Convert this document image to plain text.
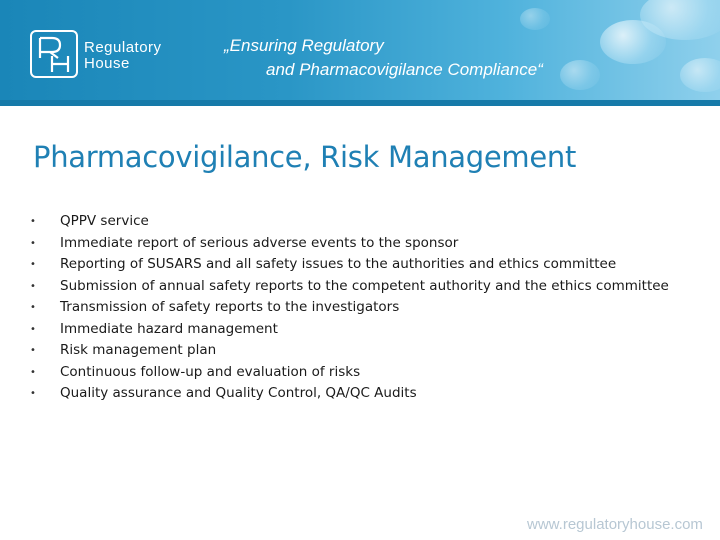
Regulatory
House
„Ensuring Regulatory
and Pharmacovigilance Compliance“
Pharmacovigilance, Risk Management
• QPPV service
• Immediate report of serious adverse events to the sponsor
• Reporting of SUSARS and all safety issues to the authorities and ethics committee
• Submission of annual safety reports to the competent authority and the ethics committee
• Transmission of safety reports to the investigators
• Immediate hazard management
• Risk management plan
• Continuous follow-up and evaluation of risks
• Quality assurance and Quality Control, QA/QC Audits
www.regulatoryhouse.com
